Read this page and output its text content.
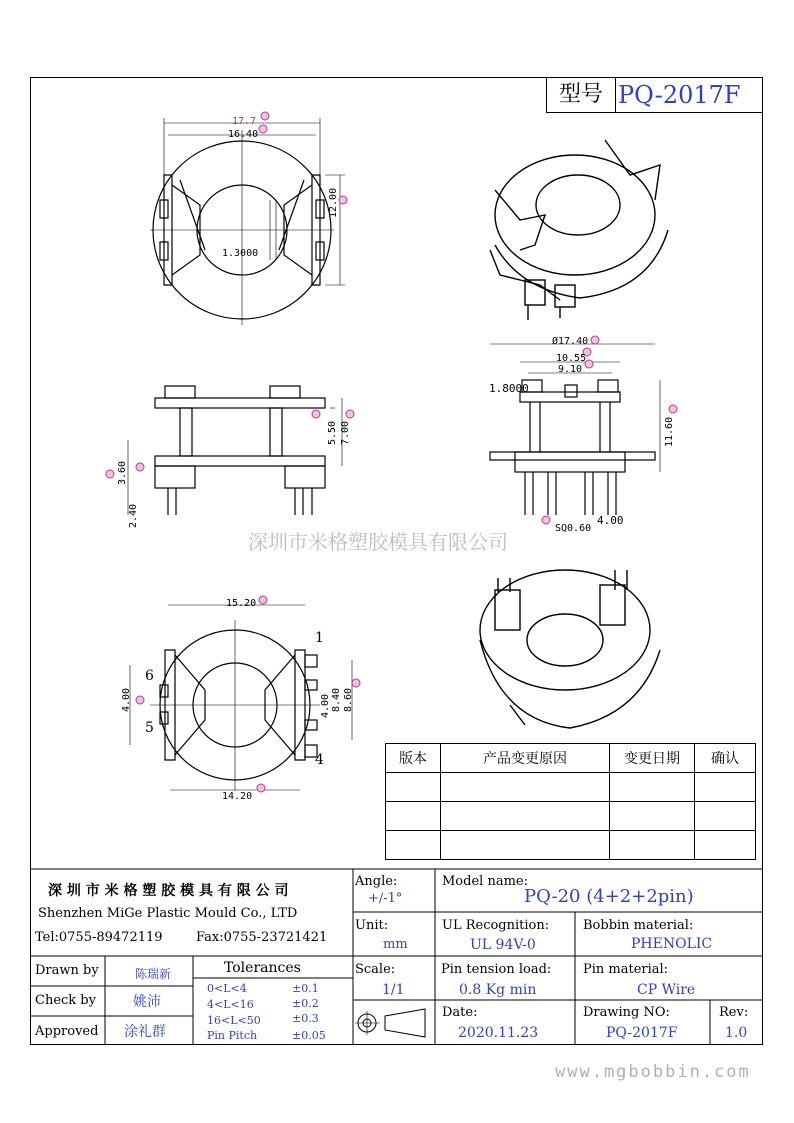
型号 PQ-2017F
17.7
16.40
12.00
1.3000
5.50 7.00
3.60
2.40
Ø17.40
10.55
9.10
1.8000
11.60
SQ0.60
4.00
15.20
14.20
4.00	8.40 8.60
4.00
1
6
5
4
深圳市米格塑胶模具有限公司
版本	产品变更原因	变更日期	确认

深 圳 市 米 格 塑 胶 模 具 有 限 公 司
Shenzhen MiGe Plastic Mould Co., LTD
Tel:0755-89472119	Fax:0755-23721421
Drawn by	陈瑞新
Check by	姚沛
Approved 涂礼群
Tolerances
0<L<4	±0.1
4<L<16	±0.2
16<L<50	±0.3
Pin Pitch	±0.05
Angle:
+/-1°
Unit:
mm
Scale:
1/1
Model name:
PQ-20 (4+2+2pin)
UL Recognition:
UL 94V-0
Bobbin material:
PHENOLIC
Pin tension load:
0.8 Kg min
Pin material:
CP Wire
Date:
2020.11.23
Drawing NO:
PQ-2017F
Rev:
1.0
www.mgbobbin.com
